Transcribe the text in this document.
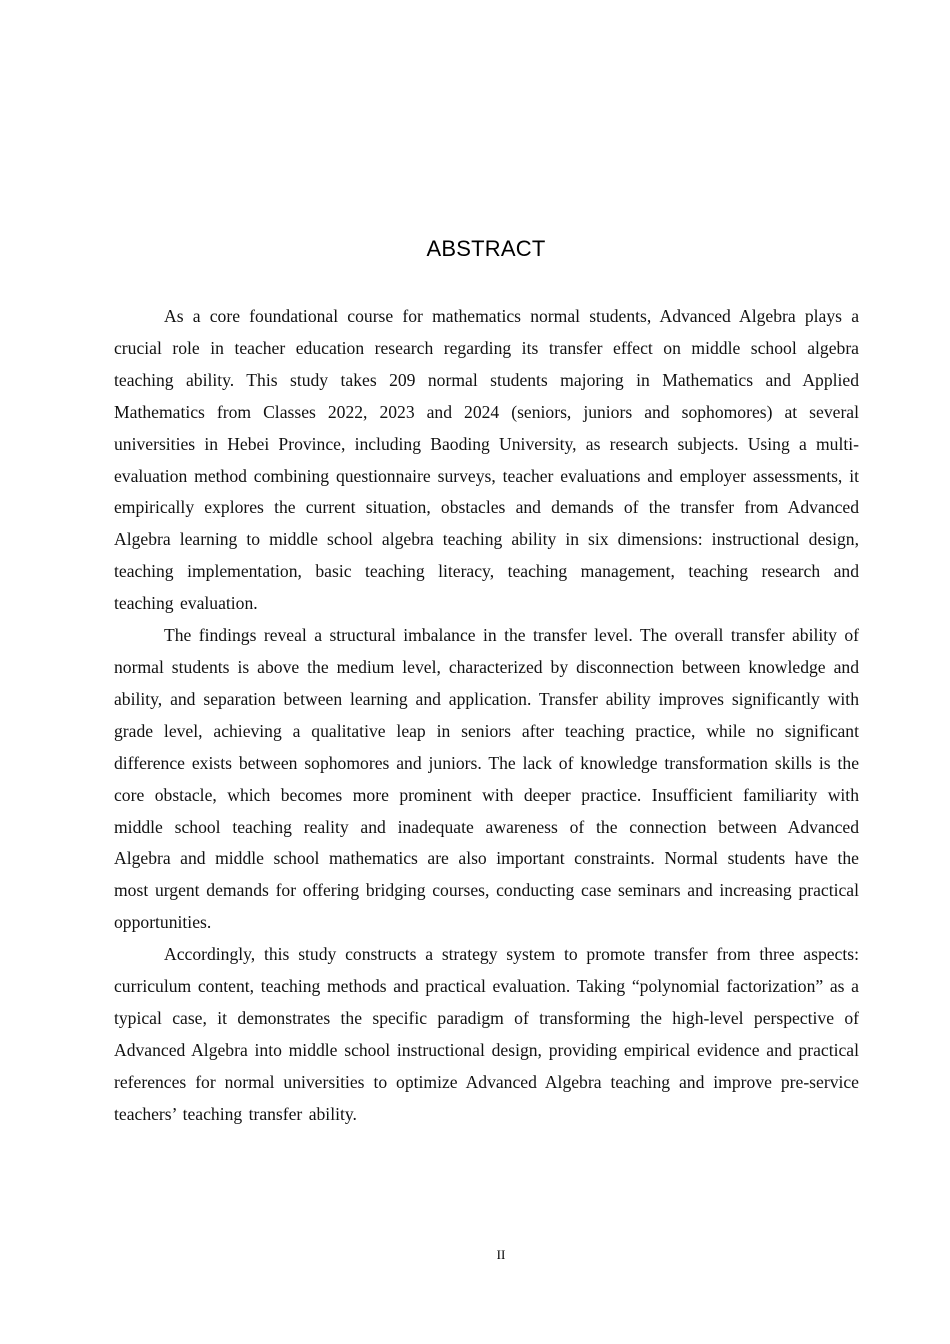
ABSTRACT

As a core foundational course for mathematics normal students, Advanced Algebra plays a crucial role in teacher education research regarding its transfer effect on middle school algebra teaching ability. This study takes 209 normal students majoring in Mathematics and Applied Mathematics from Classes 2022, 2023 and 2024 (seniors, juniors and sophomores) at several universities in Hebei Province, including Baoding University, as research subjects. Using a multi-evaluation method combining questionnaire surveys, teacher evaluations and employer assessments, it empirically explores the current situation, obstacles and demands of the transfer from Advanced Algebra learning to middle school algebra teaching ability in six dimensions: instructional design, teaching implementation, basic teaching literacy, teaching management, teaching research and teaching evaluation.

The findings reveal a structural imbalance in the transfer level. The overall transfer ability of normal students is above the medium level, characterized by disconnection between knowledge and ability, and separation between learning and application. Transfer ability improves significantly with grade level, achieving a qualitative leap in seniors after teaching practice, while no significant difference exists between sophomores and juniors. The lack of knowledge transformation skills is the core obstacle, which becomes more prominent with deeper practice. Insufficient familiarity with middle school teaching reality and inadequate awareness of the connection between Advanced Algebra and middle school mathematics are also important constraints. Normal students have the most urgent demands for offering bridging courses, conducting case seminars and increasing practical opportunities.

Accordingly, this study constructs a strategy system to promote transfer from three aspects: curriculum content, teaching methods and practical evaluation. Taking “polynomial factorization” as a typical case, it demonstrates the specific paradigm of transforming the high-level perspective of Advanced Algebra into middle school instructional design, providing empirical evidence and practical references for normal universities to optimize Advanced Algebra teaching and improve pre-service teachers’ teaching transfer ability.

II
